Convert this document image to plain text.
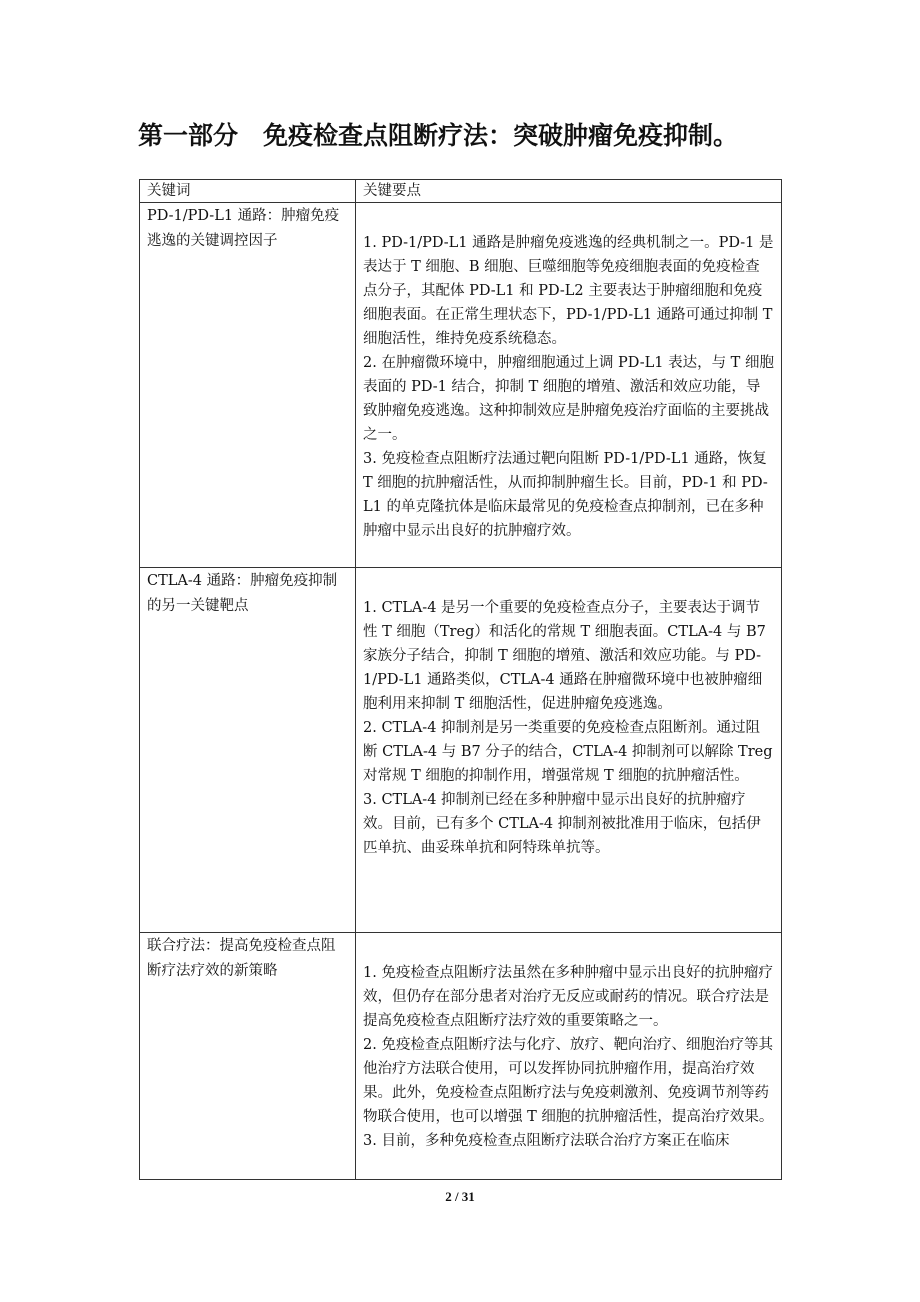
第一部分　免疫检查点阻断疗法：突破肿瘤免疫抑制。
关键词	关键要点
PD-1/PD-L1 通路：肿瘤免疫逃逸的关键调控因子	1. PD-1/PD-L1 通路是肿瘤免疫逃逸的经典机制之一。PD-1 是表达于 T 细胞、B 细胞、巨噬细胞等免疫细胞表面的免疫检查点分子，其配体 PD-L1 和 PD-L2 主要表达于肿瘤细胞和免疫细胞表面。在正常生理状态下，PD-1/PD-L1 通路可通过抑制 T 细胞活性，维持免疫系统稳态。

2. 在肿瘤微环境中，肿瘤细胞通过上调 PD-L1 表达，与 T 细胞表面的 PD-1 结合，抑制 T 细胞的增殖、激活和效应功能，导致肿瘤免疫逃逸。这种抑制效应是肿瘤免疫治疗面临的主要挑战之一。

3. 免疫检查点阻断疗法通过靶向阻断 PD-1/PD-L1 通路，恢复 T 细胞的抗肿瘤活性，从而抑制肿瘤生长。目前，PD-1 和 PD-L1 的单克隆抗体是临床最常见的免疫检查点抑制剂，已在多种肿瘤中显示出良好的抗肿瘤疗效。

CTLA-4 通路：肿瘤免疫抑制的另一关键靶点	1. CTLA-4 是另一个重要的免疫检查点分子，主要表达于调节性 T 细胞（Treg）和活化的常规 T 细胞表面。CTLA-4 与 B7 家族分子结合，抑制 T 细胞的增殖、激活和效应功能。与 PD-1/PD-L1 通路类似，CTLA-4 通路在肿瘤微环境中也被肿瘤细胞利用来抑制 T 细胞活性，促进肿瘤免疫逃逸。

2. CTLA-4 抑制剂是另一类重要的免疫检查点阻断剂。通过阻断 CTLA-4 与 B7 分子的结合，CTLA-4 抑制剂可以解除 Treg 对常规 T 细胞的抑制作用，增强常规 T 细胞的抗肿瘤活性。

3. CTLA-4 抑制剂已经在多种肿瘤中显示出良好的抗肿瘤疗效。目前，已有多个 CTLA-4 抑制剂被批准用于临床，包括伊匹单抗、曲妥珠单抗和阿特珠单抗等。

联合疗法：提高免疫检查点阻断疗法疗效的新策略	1. 免疫检查点阻断疗法虽然在多种肿瘤中显示出良好的抗肿瘤疗效，但仍存在部分患者对治疗无反应或耐药的情况。联合疗法是提高免疫检查点阻断疗法疗效的重要策略之一。

2. 免疫检查点阻断疗法与化疗、放疗、靶向治疗、细胞治疗等其他治疗方法联合使用，可以发挥协同抗肿瘤作用，提高治疗效果。此外，免疫检查点阻断疗法与免疫刺激剂、免疫调节剂等药物联合使用，也可以增强 T 细胞的抗肿瘤活性，提高治疗效果。

3. 目前，多种免疫检查点阻断疗法联合治疗方案正在临床

2 / 31
